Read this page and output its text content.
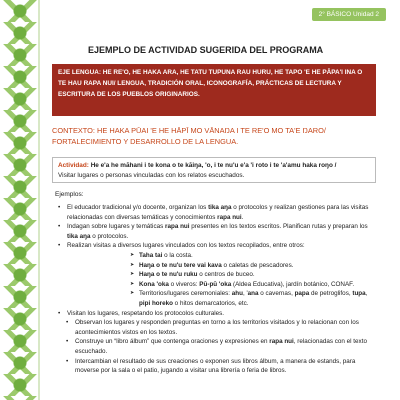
2° BÁSICO Unidad 2
EJEMPLO DE ACTIVIDAD SUGERIDA DEL PROGRAMA
EJE LENGUA: HE RE'O, HE HAKA ARA, HE TATU TUPUNA RAU HURU, HE TAPO 'E HE PĀPA'I INA O TE HAU RAPA NUI/ LENGUA, TRADICIÓN ORAL, ICONOGRAFÍA, PRÁCTICAS DE LECTURA Y ESCRITURA DE LOS PUEBLOS ORIGINARIOS.

CONTEXTO: HE HAKA PŪAI 'E HE HĀPĪ MO VĀNAŊA I TE RE'O MO TA'E ŊARO/ FORTALECIMIENTO Y DESARROLLO DE LA LENGUA.

Actividad: He e'a he māhani i te kona o te kāiŋa, 'o, i te nu'u e'a 'i roto i te 'a'amu haka roŋo /
Visitar lugares o personas vinculadas con los relatos escuchados.
Ejemplos:
• El educador tradicional y/o docente, organizan los tika aŋa o protocolos y realizan gestiones para las visitas relacionadas con diversas temáticas y conocimientos rapa nui.
• Indagan sobre lugares y temáticas rapa nui presentes en los textos escritos. Planifican rutas y preparan los tika aŋa o protocolos.
• Realizan visitas a diversos lugares vinculados con los textos recopilados, entre otros:
➤ Taha tai o la costa.
➤ Haŋa o te nu'u tere vai kava o caletas de pescadores.
➤ Haŋa o te nu'u ruku o centros de buceo.
➤ Kona 'oka o viveros: Pū-pū 'oka (Aldea Educativa), jardín botánico, CONAF.
➤ Territorios/lugares ceremoniales: ahu, 'ana o cavernas, papa de petroglifos, tupa, pipi horeko o hitos demarcatorios, etc.
• Visitan los lugares, respetando los protocolos culturales.
• Observan los lugares y responden preguntas en torno a los territorios visitados y lo relacionan con los acontecimientos vistos en los textos.
• Construye un “libro álbum” que contenga oraciones y expresiones en rapa nui, relacionadas con el texto escuchado.
• Intercambian el resultado de sus creaciones o exponen sus libros álbum, a manera de estands, para moverse por la sala o el patio, jugando a visitar una librería o feria de libros.
